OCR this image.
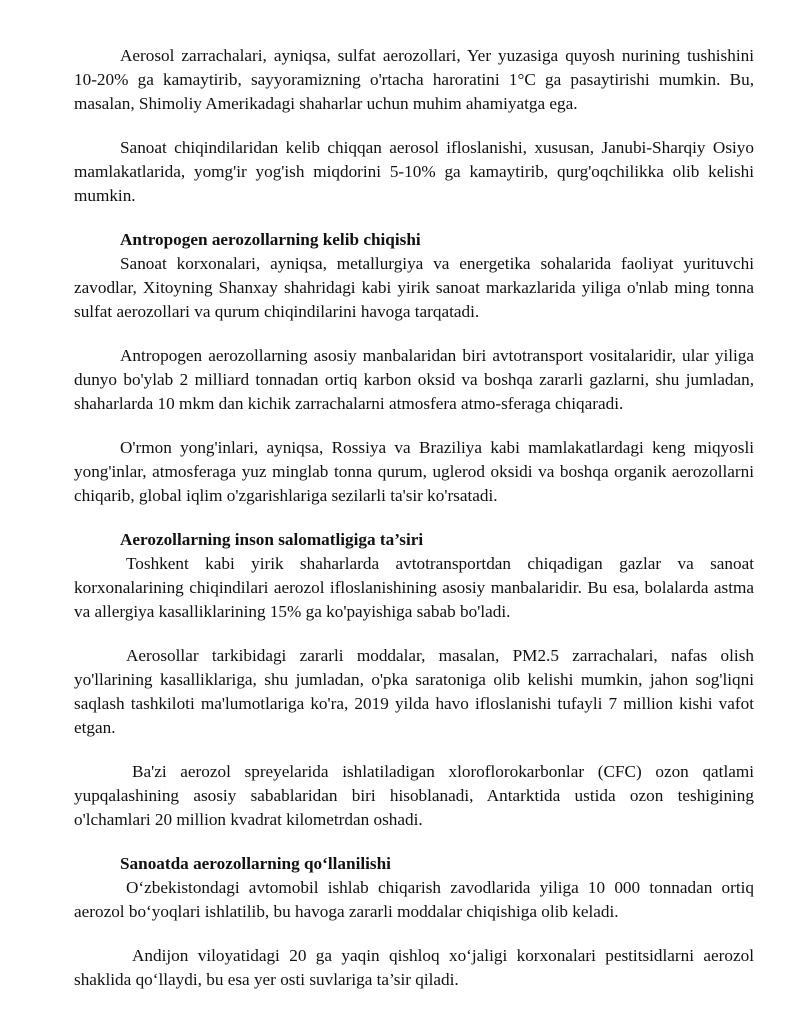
Aerosol zarrachalari, ayniqsa, sulfat aerozollari, Yer yuzasiga quyosh nurining tushishini 10-20% ga kamaytirib, sayyoramizning o'rtacha haroratini 1°C ga pasaytirishi mumkin. Bu, masalan, Shimoliy Amerikadagi shaharlar uchun muhim ahamiyatga ega.

Sanoat chiqindilaridan kelib chiqqan aerosol ifloslanishi, xususan, Janubi-Sharqiy Osiyo mamlakatlarida, yomg'ir yog'ish miqdorini 5-10% ga kamaytirib, qurg'oqchilikka olib kelishi mumkin.

Antropogen aerozollarning kelib chiqishi

Sanoat korxonalari, ayniqsa, metallurgiya va energetika sohalarida faoliyat yurituvchi zavodlar, Xitoyning Shanxay shahridagi kabi yirik sanoat markazlarida yiliga o'nlab ming tonna sulfat aerozollari va qurum chiqindilarini havoga tarqatadi.

Antropogen aerozollarning asosiy manbalaridan biri avtotransport vositalaridir, ular yiliga dunyo bo'ylab 2 milliard tonnadan ortiq karbon oksid va boshqa zararli gazlarni, shu jumladan, shaharlarda 10 mkm dan kichik zarrachalarni atmosfera atmo-sferaga chiqaradi.

O'rmon yong'inlari, ayniqsa, Rossiya va Braziliya kabi mamlakatlardagi keng miqyosli yong'inlar, atmosferaga yuz minglab tonna qurum, uglerod oksidi va boshqa organik aerozollarni chiqarib, global iqlim o'zgarishlariga sezilarli ta'sir ko'rsatadi.

Aerozollarning inson salomatligiga ta’siri

Toshkent kabi yirik shaharlarda avtotransportdan chiqadigan gazlar va sanoat korxonalarining chiqindilari aerozol ifloslanishining asosiy manbalaridir. Bu esa, bolalarda astma va allergiya kasalliklarining 15% ga ko'payishiga sabab bo'ladi.

Aerosollar tarkibidagi zararli moddalar, masalan, PM2.5 zarrachalari, nafas olish yo'llarining kasalliklariga, shu jumladan, o'pka saratoniga olib kelishi mumkin, jahon sog'liqni saqlash tashkiloti ma'lumotlariga ko'ra, 2019 yilda havo ifloslanishi tufayli 7 million kishi vafot etgan.

Ba'zi aerozol spreyelarida ishlatiladigan xloroflorokarbonlar (CFC) ozon qatlami yupqalashining asosiy sabablaridan biri hisoblanadi, Antarktida ustida ozon teshigining o'lchamlari 20 million kvadrat kilometrdan oshadi.

Sanoatda aerozollarning qo‘llanilishi

O‘zbekistondagi avtomobil ishlab chiqarish zavodlarida yiliga 10 000 tonnadan ortiq aerozol bo‘yoqlari ishlatilib, bu havoga zararli moddalar chiqishiga olib keladi.

Andijon viloyatidagi 20 ga yaqin qishloq xo‘jaligi korxonalari pestitsidlarni aerozol shaklida qo‘llaydi, bu esa yer osti suvlariga ta’sir qiladi.
